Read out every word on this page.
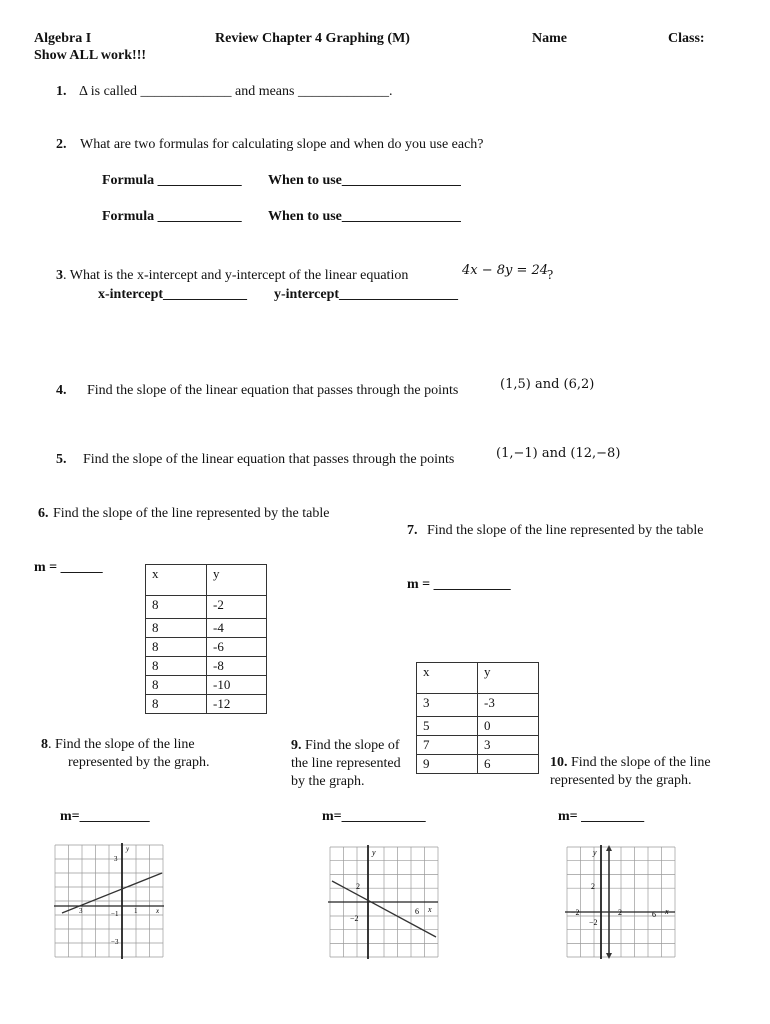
Algebra I	Review Chapter 4 Graphing (M)	Name	Class:
Show ALL work!!!
1. Δ is called _____________ and means _____________.
2. What are two formulas for calculating slope and when do you use each?
Formula ____________ When to use_________________
Formula ____________ When to use_________________
3 . What is the x-intercept and y-intercept of the linear equation	4x − 8y = 24
?
x-intercept____________ y-intercept_________________
4. Find the slope of the linear equation that passes through the points	(1,5) and (6,2)
5. Find the slope of the linear equation that passes through the points	(1,−1) and (12,−8)
6. Find the slope of the line represented by the table
m = ______	x	y
8	-2
8	-4
8	-6
8	-8
8	-10
8	-12
7. Find the slope of the line represented by the table
m = ___________
x	y
3	-3
5	0
7	3
9	6
8. Find the slope of the line
represented by the graph.
m=__________
3
−1
−3
3	1	x
y
9. Find the slope of the line represented by the graph.
m=____________
2
−2
6 x
y
10. Find the slope of the line
represented by the graph.
m= _________
2
−2
−2	2	6 x
y
